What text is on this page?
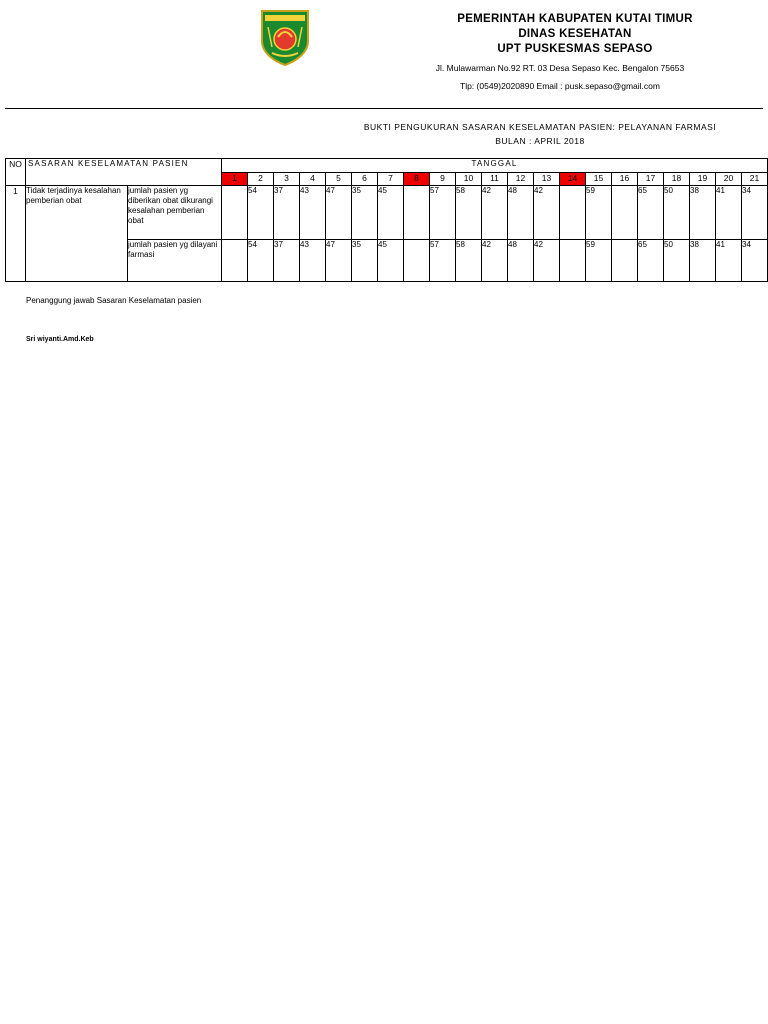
PEMERINTAH KABUPATEN KUTAI TIMUR
DINAS KESEHATAN
UPT PUSKESMAS SEPASO
Jl. Mulawarman No.92 RT. 03 Desa Sepaso Kec. Bengalon 75653
Tlp: (0549)2020890 Email : pusk.sepaso@gmail.com
BUKTI PENGUKURAN SASARAN KESELAMATAN PASIEN: PELAYANAN FARMASI
BULAN : APRIL 2018
NO	SASARAN KESELAMATAN PASIEN		TANGGAL																				
			1	2	3	4	5	6	7	8	9	10	11	12	13	14	15	16	17	18	19	20	21
1	Tidak terjadinya kesalahan pemberian obat	jumlah pasien yg diberikan obat dikurangi kesalahan pemberian obat		54	37	43	47	35	45		57	58	42	48	42		59		65	50	38	41	34
		jumlah pasien yg dilayani farmasi		54	37	43	47	35	45		57	58	42	48	42		59		65	50	38	41	34
Penanggung jawab Sasaran Keselamatan pasien
Sri wiyanti.Amd.Keb
